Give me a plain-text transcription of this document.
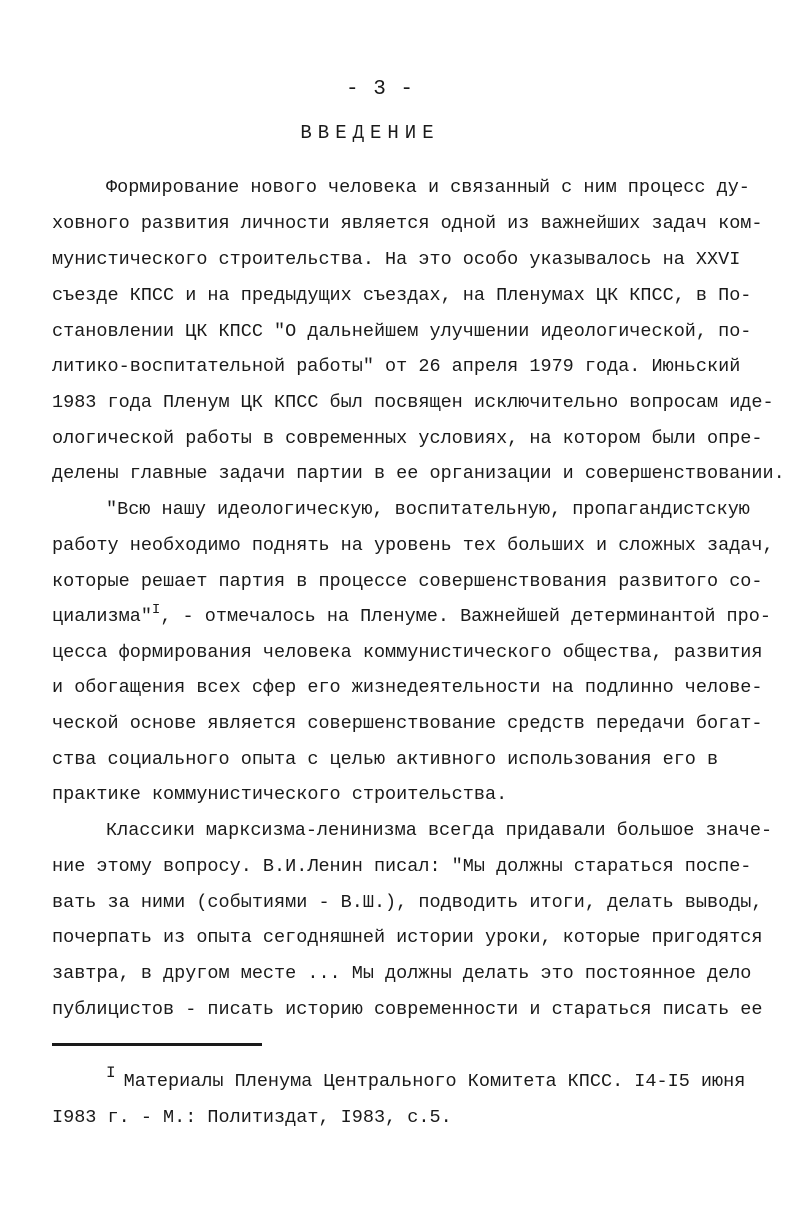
- 3 -
ВВЕДЕНИЕ
Формирование нового человека и связанный с ним процесс ду-
ховного развития личности является одной из важнейших задач ком-
мунистического строительства. На это особо указывалось на XXVI
съезде КПСС и на предыдущих съездах, на Пленумах ЦК КПСС, в По-
становлении ЦК КПСС "О дальнейшем улучшении идеологической, по-
литико-воспитательной работы" от 26 апреля 1979 года. Июньский
1983 года Пленум ЦК КПСС был посвящен исключительно вопросам иде-
ологической работы в современных условиях, на котором были опре-
делены главные задачи партии в ее организации и совершенствовании.
"Всю нашу идеологическую, воспитательную, пропагандистскую
работу необходимо поднять на уровень тех больших и сложных задач,
которые решает партия в процессе совершенствования развитого со-
циализма"$^I$, - отмечалось на Пленуме. Важнейшей детерминантой про-
цесса формирования человека коммунистического общества, развития
и обогащения всех сфер его жизнедеятельности на подлинно челове-
ческой основе является совершенствование средств передачи богат-
ства социального опыта с целью активного использования его в
практике коммунистического строительства.
Классики марксизма-ленинизма всегда придавали большое значе-
ние этому вопросу. В.И.Ленин писал: "Мы должны стараться поспе-
вать за ними (событиями - В.Ш.), подводить итоги, делать выводы,
почерпать из опыта сегодняшней истории уроки, которые пригодятся
завтра, в другом месте ... Мы должны делать это постоянное дело
публицистов - писать историю современности и стараться писать ее
I Материалы Пленума Центрального Комитета КПСС. I4-I5 июня
I983 г. - М.: Политиздат, I983, с.5.
